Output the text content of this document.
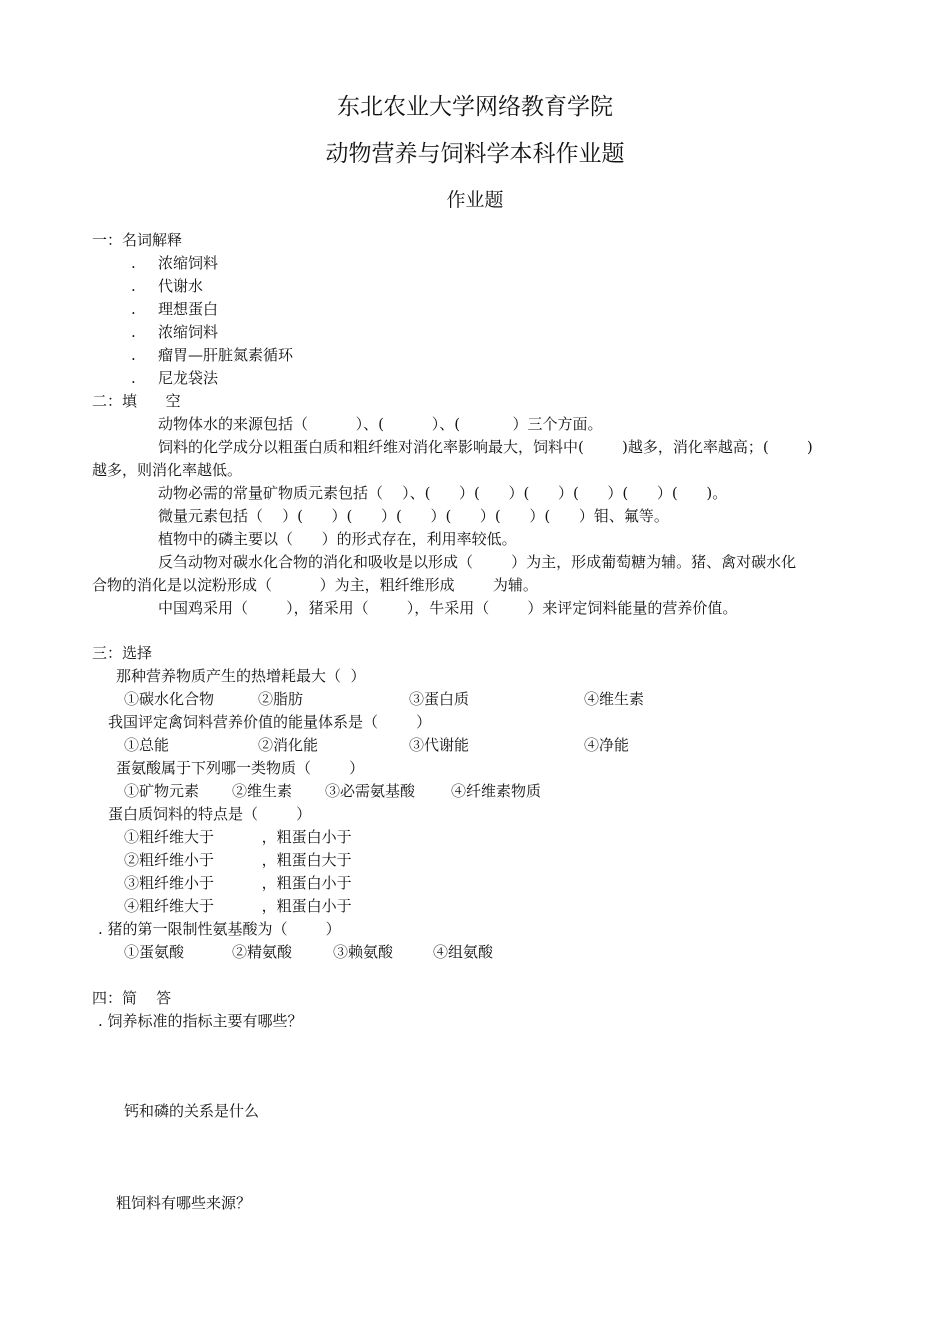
东北农业大学网络教育学院
动物营养与饲料学本科作业题
作业题
一：名词解释
. 浓缩饲料
. 代谢水
. 理想蛋白
. 浓缩饲料
. 瘤胃—肝脏氮素循环
. 尼龙袋法
二：填      空
动物体水的来源包括（          ）、(          ）、(           ）三个方面。
饲料的化学成分以粗蛋白质和粗纤维对消化率影响最大，饲料中(        )越多，消化率越高；(        )
越多，则消化率越低。
动物必需的常量矿物质元素包括（    ）、(      ）(      ）(      ）(      ）(      ）(      )。
微量元素包括（    ）(      ）(      ）(      ）(      ）(      ）(      ）钼、氟等。
植物中的磷主要以（      ）的形式存在，利用率较低。
反刍动物对碳水化合物的消化和吸收是以形成（        ）为主，形成葡萄糖为辅。猪、禽对碳水化
合物的消化是以淀粉形成（          ）为主，粗纤维形成        为辅。
中国鸡采用（        ），猪采用（        ），牛采用（        ）来评定饲料能量的营养价值。
三：选择
那种营养物质产生的热增耗最大（  ）
①碳水化合物	②脂肪	③蛋白质	④维生素
我国评定禽饲料营养价值的能量体系是（        ）
①总能	②消化能	③代谢能	④净能
蛋氨酸属于下列哪一类物质（        ）
①矿物元素 ②维生素 ③必需氨基酸 ④纤维素物质
蛋白质饲料的特点是（        ）
①粗纤维大于          ，粗蛋白小于
②粗纤维小于          ，粗蛋白大于
③粗纤维小于          ，粗蛋白小于
④粗纤维大于          ，粗蛋白小于
. 猪的第一限制性氨基酸为（        ）
①蛋氨酸	②精氨酸	③赖氨酸	④组氨酸
四：简    答
. 饲养标准的指标主要有哪些？
钙和磷的关系是什么
粗饲料有哪些来源？
